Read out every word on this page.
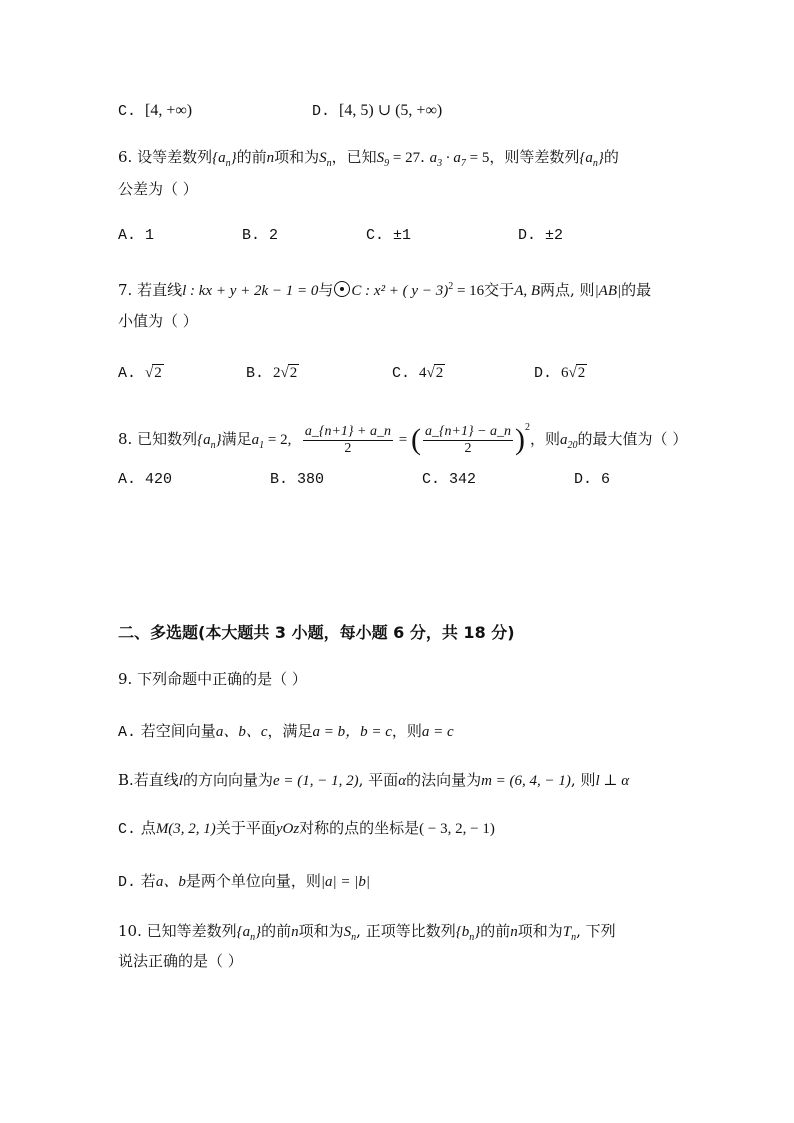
C. [4, +∞)	D. [4, 5) ∪ (5, +∞)
6. 设等差数列$\{a_n\}$的前n项和为$S_n$，已知$S_9 = 27$. $a_3 \cdot a_7 = 5$，则等差数列$\{a_n\}$的
公差为（ ）
A. 1	B. 2	C. ±1	D. ±2
7. 若直线l : kx + y + 2k − 1 = 0与 C : x² + ( y − 3)$^2$ = 16交于A, B两点, 则|AB|的最
小值为（ ）
A. √2	B. 2√2	C. 4√2	D. 6√2
8. 已知数列$\{a_n\}$满足$a_1 = 2$, $\frac{a\_\{n+1\} + a\_n}{2}$ = ( $\frac{a\_\{n+1\} - a\_n}{2} )^2$，则$a_{20}$的最大值为（ ）
A. 420	B. 380	C. 342	D. 6
二、多选题(本大题共 3 小题，每小题 6 分，共 18 分)
9. 下列命题中正确的是（ ）
A. 若空间向量a、b、c，满足a = b，b = c，则a = c
B.若直线l的方向向量为e = (1, − 1, 2), 平面α的法向量为m = (6, 4, − 1), 则l ⊥ α
C. 点M(3, 2, 1)关于平面yOz对称的点的坐标是( − 3, 2, − 1)
D. 若a、b是两个单位向量，则|a| = |b|
10. 已知等差数列$\{a_n\}$的前n项和为$S_n$, 正项等比数列$\{b_n\}$的前n项和为$T_n$, 下列
说法正确的是（ ）
